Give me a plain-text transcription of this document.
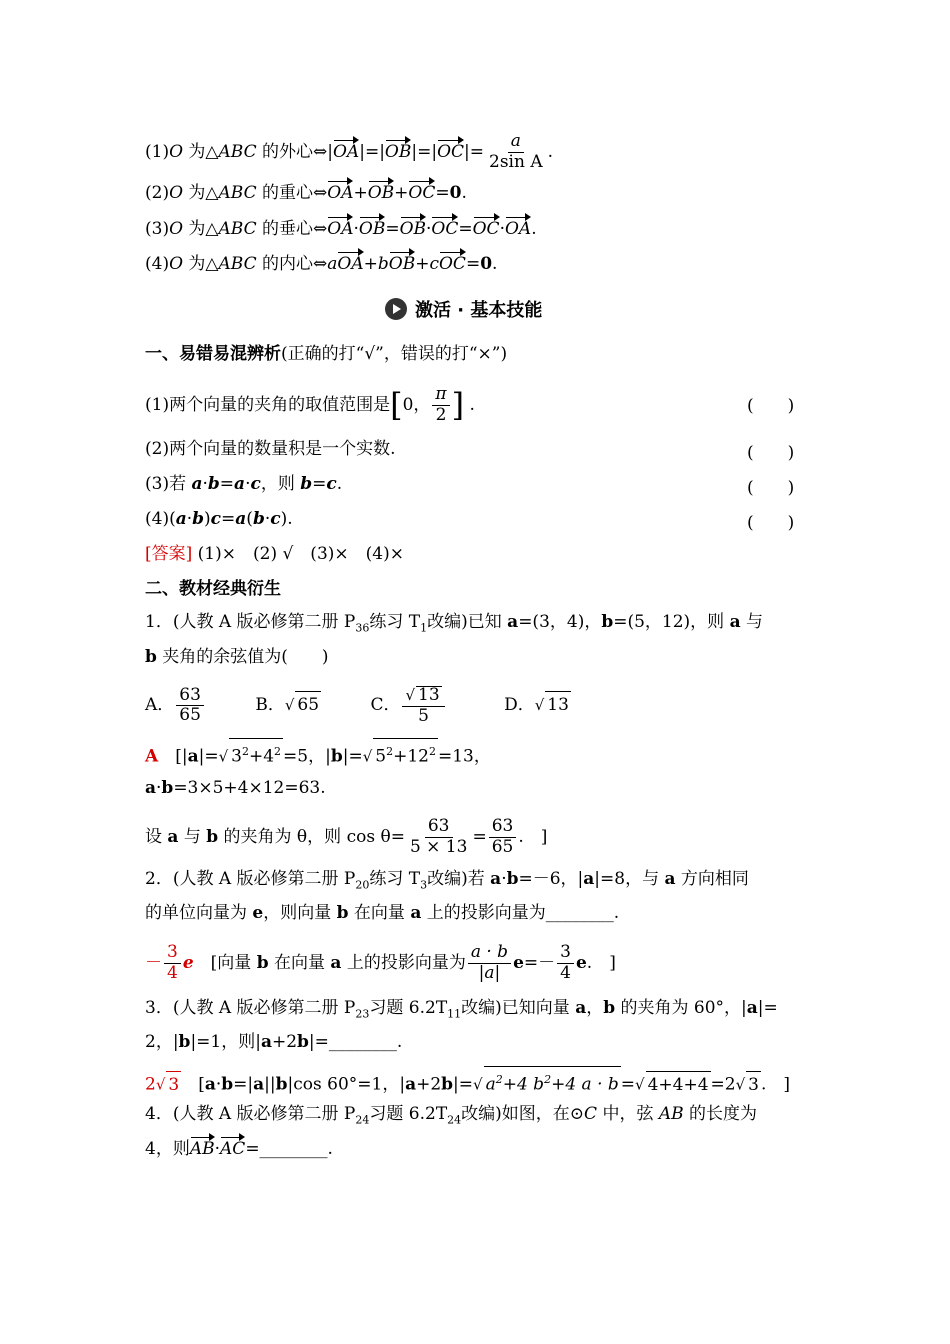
(1)O 为△ABC 的外心⇔|OA|=|OB|=|OC|= $\frac{a}{\text{2sin A}}$ .
(2)O 为△ABC 的重心⇔OA+OB+OC=0.
(3)O 为△ABC 的垂心⇔OA·OB=OB·OC=OC·OA.
(4)O 为△ABC 的内心⇔aOA+bOB+cOC=0.
激活 · 基本技能
一、易错易混辨析(正确的打“√”，错误的打“×”)
(1)两个向量的夹角的取值范围是[0， $\frac{\pi}{2}$ ] .	(　　)
(2)两个向量的数量积是一个实数.	(　　)
(3)若 a·b=a·c，则 b=c.	(　　)
(4)(a·b)c=a(b·c).	(　　)
[答案] (1)×　(2) √　(3)×　(4)×
二、教材经典衍生
1．(人教 A 版必修第二册 $P_{36}$练习 $T_1$改编)已知 a=(3，4)，b=(5，12)，则 a 与
b 夹角的余弦值为(　　)
A． $\frac{63}{65}$	B．√ 65	C． $\frac{√ 13}{5}$	D．√ 13
A　[|a|=√ $3^2+4^2 =5$，|b|=√ $5^2+12^2 =13$，
a·b=3×5+4×12=63.
设 a 与 b 的夹角为 θ，则 $\cos \theta= \frac{63}{5 \times 13} = \frac{63}{65}$ .　]
2．(人教 A 版必修第二册 $P_{20}$练习 $T_3$改编)若 a·b=－6，|a|=8，与 a 方向相同
的单位向量为 e，则向量 b 在向量 a 上的投影向量为________.
－ $\frac{3}{4}$ e　[向量 b 在向量 a 上的投影向量为 $\frac{a \cdot b}{|a|} e=- \frac{3}{4} e$.　]
3．(人教 A 版必修第二册 $P_{23}$习题 $6.2T_{11}$改编)已知向量 a，b 的夹角为 60°，|a|=
2，|b|=1，则|a+2b|=________.
2√ 3　[a·b=|a||b|cos 60°=1，|a+2b|=√ $a^2+4$ $b^2+4$ a · b =√ 4+4+4 =2√ 3 .　]
4．(人教 A 版必修第二册 $P_{24}$习题 $6.2T_{24}$改编)如图，在⊙C 中，弦 AB 的长度为
4，则AB·AC=________.
